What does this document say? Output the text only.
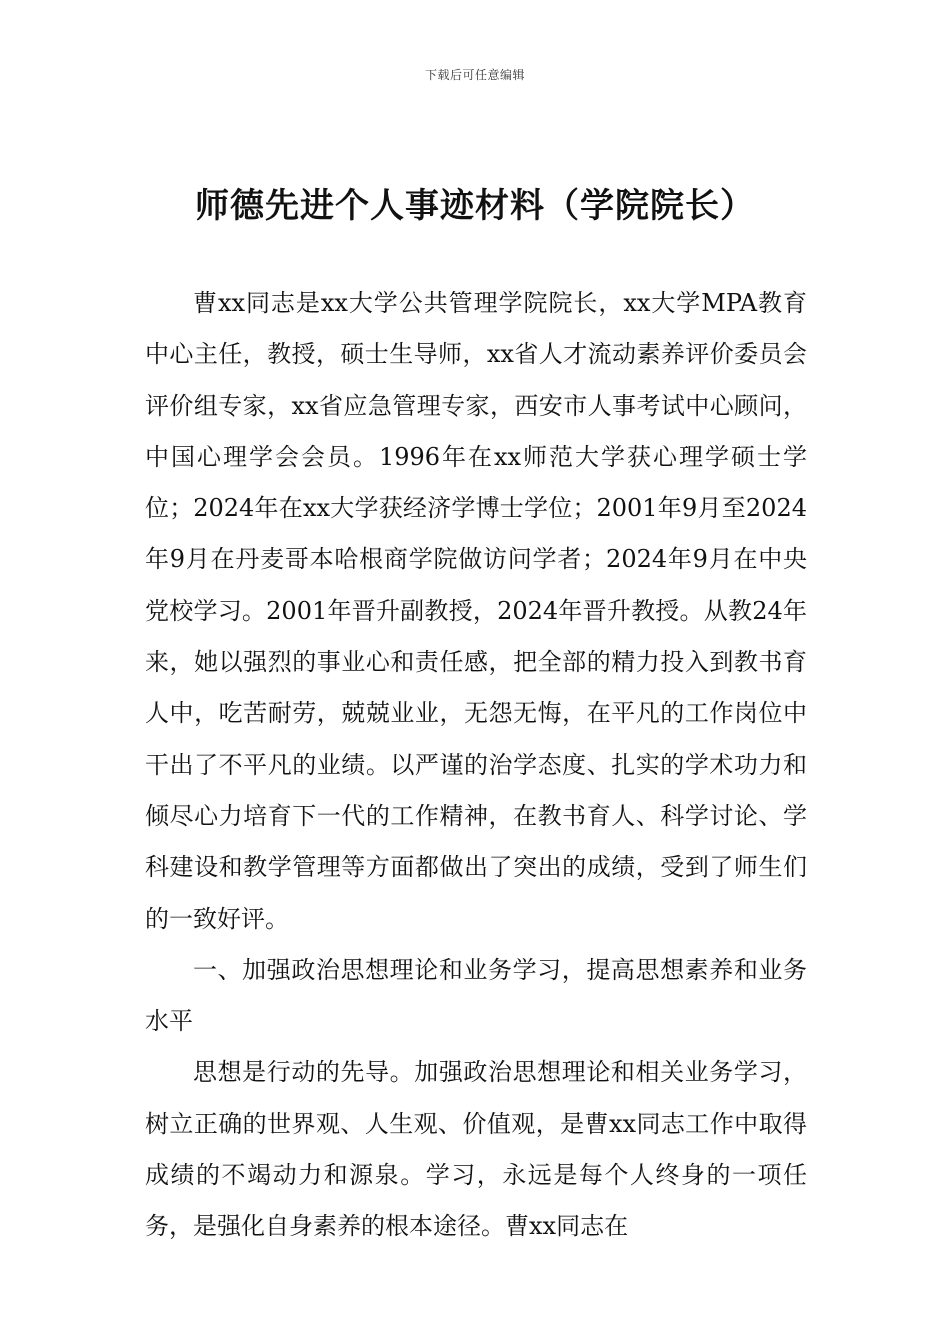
下载后可任意编辑
师德先进个人事迹材料（学院院长）

曹xx同志是xx大学公共管理学院院长，xx大学MPA教育中心主任，教授，硕士生导师，xx省人才流动素养评价委员会评价组专家，xx省应急管理专家，西安市人事考试中心顾问，中国心理学会会员。1996年在xx师范大学获心理学硕士学位；2024年在xx大学获经济学博士学位；2001年9月至2024年9月在丹麦哥本哈根商学院做访问学者；2024年9月在中央党校学习。2001年晋升副教授，2024年晋升教授。从教24年来，她以强烈的事业心和责任感，把全部的精力投入到教书育人中，吃苦耐劳，兢兢业业，无怨无悔，在平凡的工作岗位中干出了不平凡的业绩。以严谨的治学态度、扎实的学术功力和倾尽心力培育下一代的工作精神，在教书育人、科学讨论、学科建设和教学管理等方面都做出了突出的成绩，受到了师生们的一致好评。

一、加强政治思想理论和业务学习，提高思想素养和业务水平

思想是行动的先导。加强政治思想理论和相关业务学习，树立正确的世界观、人生观、价值观，是曹xx同志工作中取得成绩的不竭动力和源泉。学习，永远是每个人终身的一项任务，是强化自身素养的根本途径。曹xx同志在
